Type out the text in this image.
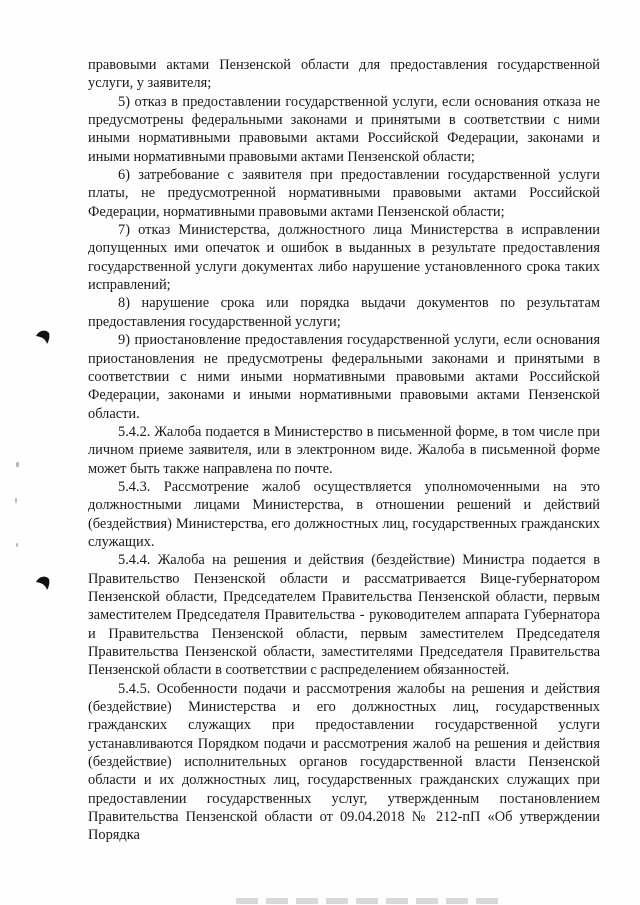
правовыми актами Пензенской области для предоставления государственной услуги, у заявителя;

5) отказ в предоставлении государственной услуги, если основания отказа не предусмотрены федеральными законами и принятыми в соответствии с ними иными нормативными правовыми актами Российской Федерации, законами и иными нормативными правовыми актами Пензенской области;

6) затребование с заявителя при предоставлении государственной услуги платы, не предусмотренной нормативными правовыми актами Российской Федерации, нормативными правовыми актами Пензенской области;

7) отказ Министерства, должностного лица Министерства в исправлении допущенных ими опечаток и ошибок в выданных в результате предоставления государственной услуги документах либо нарушение установленного срока таких исправлений;

8) нарушение срока или порядка выдачи документов по результатам предоставления государственной услуги;

9) приостановление предоставления государственной услуги, если основания приостановления не предусмотрены федеральными законами и принятыми в соответствии с ними иными нормативными правовыми актами Российской Федерации, законами и иными нормативными правовыми актами Пензенской области.

5.4.2. Жалоба подается в Министерство в письменной форме, в том числе при личном приеме заявителя, или в электронном виде. Жалоба в письменной форме может быть также направлена по почте.

5.4.3. Рассмотрение жалоб осуществляется уполномоченными на это должностными лицами Министерства, в отношении решений и действий (бездействия) Министерства, его должностных лиц, государственных гражданских служащих.

5.4.4. Жалоба на решения и действия (бездействие) Министра подается в Правительство Пензенской области и рассматривается Вице-губернатором Пензенской области, Председателем Правительства Пензенской области, первым заместителем Председателя Правительства - руководителем аппарата Губернатора и Правительства Пензенской области, первым заместителем Председателя Правительства Пензенской области, заместителями Председателя Правительства Пензенской области в соответствии с распределением обязанностей.

5.4.5. Особенности подачи и рассмотрения жалобы на решения и действия (бездействие) Министерства и его должностных лиц, государственных гражданских служащих при предоставлении государственной услуги устанавливаются Порядком подачи и рассмотрения жалоб на решения и действия (бездействие) исполнительных органов государственной власти Пензенской области и их должностных лиц, государственных гражданских служащих при предоставлении государственных услуг, утвержденным постановлением Правительства Пензенской области от 09.04.2018 № 212-пП «Об утверждении Порядка
